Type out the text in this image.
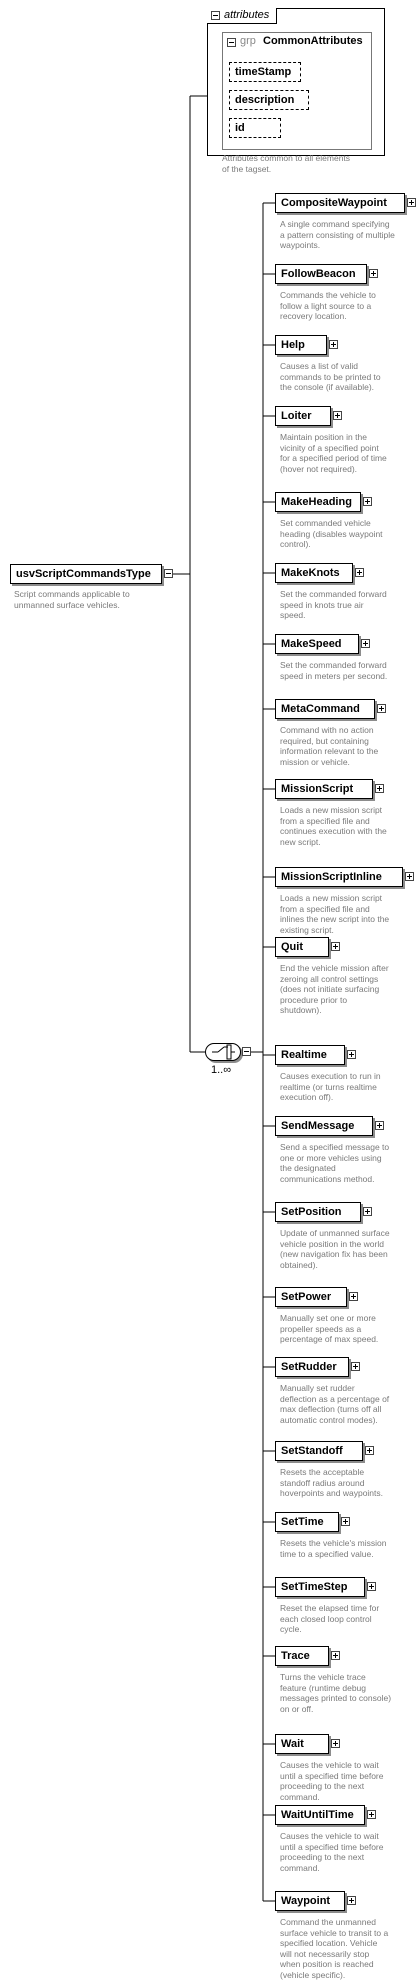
attributes
grp CommonAttributes
timeStamp
description
id
Attributes common to all elements
of the tagset.
usvScriptCommandsType
Script commands applicable to
unmanned surface vehicles.
1..∞
CompositeWaypoint
A single command specifying
a pattern consisting of multiple
waypoints.
FollowBeacon
Commands the vehicle to
follow a light source to a
recovery location.
Help
Causes a list of valid
commands to be printed to
the console (if available).
Loiter
Maintain position in the
vicinity of a specified point
for a specified period of time
(hover not required).
MakeHeading
Set commanded vehicle
heading (disables waypoint
control).
MakeKnots
Set the commanded forward
speed in knots true air
speed.
MakeSpeed
Set the commanded forward
speed in meters per second.
MetaCommand
Command with no action
required, but containing
information relevant to the
mission or vehicle.
MissionScript
Loads a new mission script
from a specified file and
continues execution with the
new script.
MissionScriptInline
Loads a new mission script
from a specified file and
inlines the new script into the
existing script.
Quit
End the vehicle mission after
zeroing all control settings
(does not initiate surfacing
procedure prior to
shutdown).
Realtime
Causes execution to run in
realtime (or turns realtime
execution off).
SendMessage
Send a specified message to
one or more vehicles using
the designated
communications method.
SetPosition
Update of unmanned surface
vehicle position in the world
(new navigation fix has been
obtained).
SetPower
Manually set one or more
propeller speeds as a
percentage of max speed.
SetRudder
Manually set rudder
deflection as a percentage of
max deflection (turns off all
automatic control modes).
SetStandoff
Resets the acceptable
standoff radius around
hoverpoints and waypoints.
SetTime
Resets the vehicle's mission
time to a specified value.
SetTimeStep
Reset the elapsed time for
each closed loop control
cycle.
Trace
Turns the vehicle trace
feature (runtime debug
messages printed to console)
on or off.
Wait
Causes the vehicle to wait
until a specified time before
proceeding to the next
command.
WaitUntilTime
Causes the vehicle to wait
until a specified time before
proceeding to the next
command.
Waypoint
Command the unmanned
surface vehicle to transit to a
specified location. Vehicle
will not necessarily stop
when position is reached
(vehicle specific).
